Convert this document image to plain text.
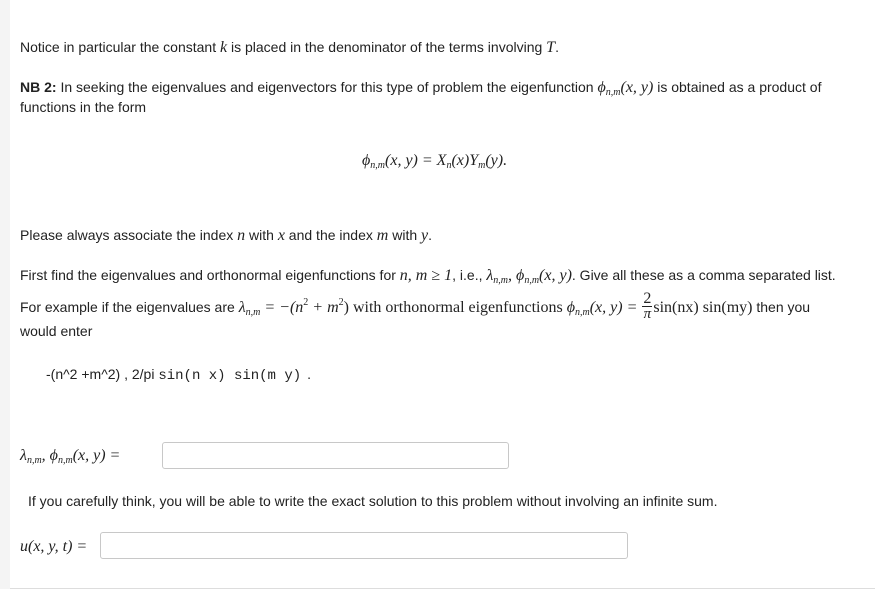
Notice in particular the constant k is placed in the denominator of the terms involving T.
NB 2: In seeking the eigenvalues and eigenvectors for this type of problem the eigenfunction $\phi_{n,m}(x$, y) is obtained as a product of
functions in the form
$\phi_{n,m}(x$, $y) = X_n(x)Y_m(y)$.
Please always associate the index n with x and the index m with y.
First find the eigenvalues and orthonormal eigenfunctions for n, m ≥ 1, i.e., $\lambda_{n,m}$, $\phi_{n,m}(x$, y). Give all these as a comma separated list.
For example if the eigenvalues are $\lambda_{n,m} = -(n^2 + m^2)$ with orthonormal eigenfunctions $\phi_{n,m}(x$, $y) = \frac{2}{\pi} \sin(nx)$ sin(my) then you
would enter
-(n^2 +m^2) , 2/pi sin(n x) sin(m y) .
$\lambda_{n,m}$, $\phi_{n,m}(x$, y) =
If you carefully think, you will be able to write the exact solution to this problem without involving an infinite sum.
u(x, y, t) =
